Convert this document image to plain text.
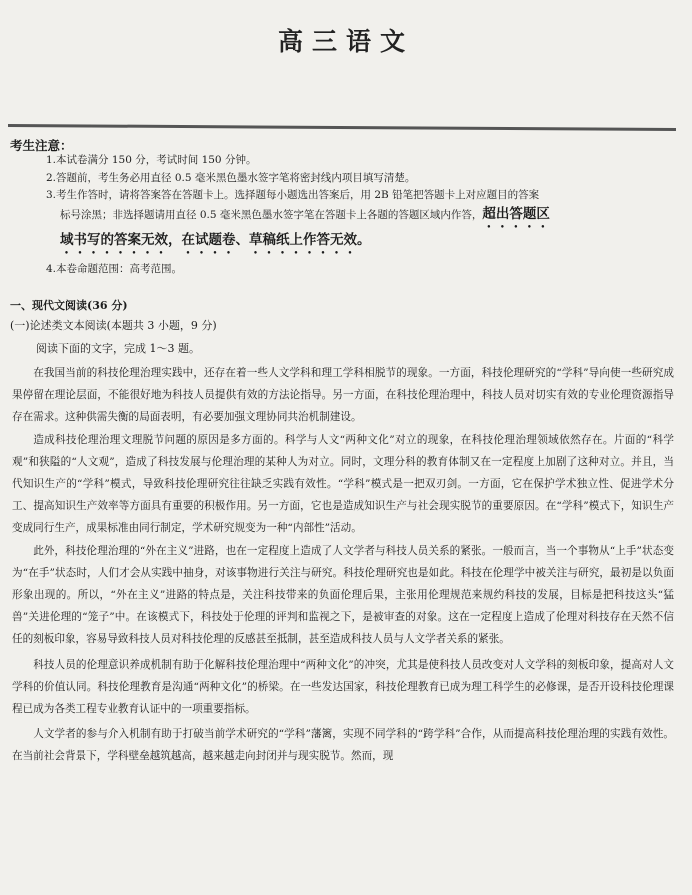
高三语文
考生注意：

1.本试卷满分 150 分，考试时间 150 分钟。

2.答题前，考生务必用直径 0.5 毫米黑色墨水签字笔将密封线内项目填写清楚。

3.考生作答时，请将答案答在答题卡上。选择题每小题选出答案后，用 2B 铅笔把答题卡上对应题目的答案

标号涂黑；非选择题请用直径 0.5 毫米黑色墨水签字笔在答题卡上各题的答题区域内作答，超出答题区

域书写的答案无效，在试题卷、草稿纸上作答无效。

4.本卷命题范围：高考范围。

一、现代文阅读(36 分)
(一)论述类文本阅读(本题共 3 小题，9 分)
阅读下面的文字，完成 1～3 题。

在我国当前的科技伦理治理实践中，还存在着一些人文学科和理工学科相脱节的现象。一方面，科技伦理研究的“学科”导向使一些研究成果停留在理论层面，不能很好地为科技人员提供有效的方法论指导。另一方面，在科技伦理治理中，科技人员对切实有效的专业伦理资源指导存在需求。这种供需失衡的局面表明，有必要加强文理协同共治机制建设。

造成科技伦理治理文理脱节问题的原因是多方面的。科学与人文“两种文化”对立的现象，在科技伦理治理领域依然存在。片面的“科学观”和狭隘的“人文观”，造成了科技发展与伦理治理的某种人为对立。同时，文理分科的教育体制又在一定程度上加剧了这种对立。并且，当代知识生产的“学科”模式，导致科技伦理研究往往缺乏实践有效性。“学科”模式是一把双刃剑。一方面，它在保护学术独立性、促进学术分工、提高知识生产效率等方面具有重要的积极作用。另一方面，它也是造成知识生产与社会现实脱节的重要原因。在“学科”模式下，知识生产变成同行生产，成果标准由同行制定，学术研究规变为一种“内部性”活动。

此外，科技伦理治理的“外在主义”进路，也在一定程度上造成了人文学者与科技人员关系的紧张。一般而言，当一个事物从“上手”状态变为“在手”状态时，人们才会从实践中抽身，对该事物进行关注与研究。科技伦理研究也是如此。科技在伦理学中被关注与研究，最初是以负面形象出现的。所以，“外在主义”进路的特点是，关注科技带来的负面伦理后果，主张用伦理规范来规约科技的发展，目标是把科技这头“猛兽”关进伦理的“笼子”中。在该模式下，科技处于伦理的评判和监视之下，是被审查的对象。这在一定程度上造成了伦理对科技存在天然不信任的刻板印象，容易导致科技人员对科技伦理的反感甚至抵制，甚至造成科技人员与人文学者关系的紧张。

科技人员的伦理意识养成机制有助于化解科技伦理治理中“两种文化”的冲突，尤其是使科技人员改变对人文学科的刻板印象，提高对人文学科的价值认同。科技伦理教育是沟通“两种文化”的桥梁。在一些发达国家，科技伦理教育已成为理工科学生的必修课，是否开设科技伦理课程已成为各类工程专业教育认证中的一项重要指标。

人文学者的参与介入机制有助于打破当前学术研究的“学科”藩篱，实现不同学科的“跨学科”合作，从而提高科技伦理治理的实践有效性。在当前社会背景下，学科壁垒越筑越高，越来越走向封闭并与现实脱节。然而，现
